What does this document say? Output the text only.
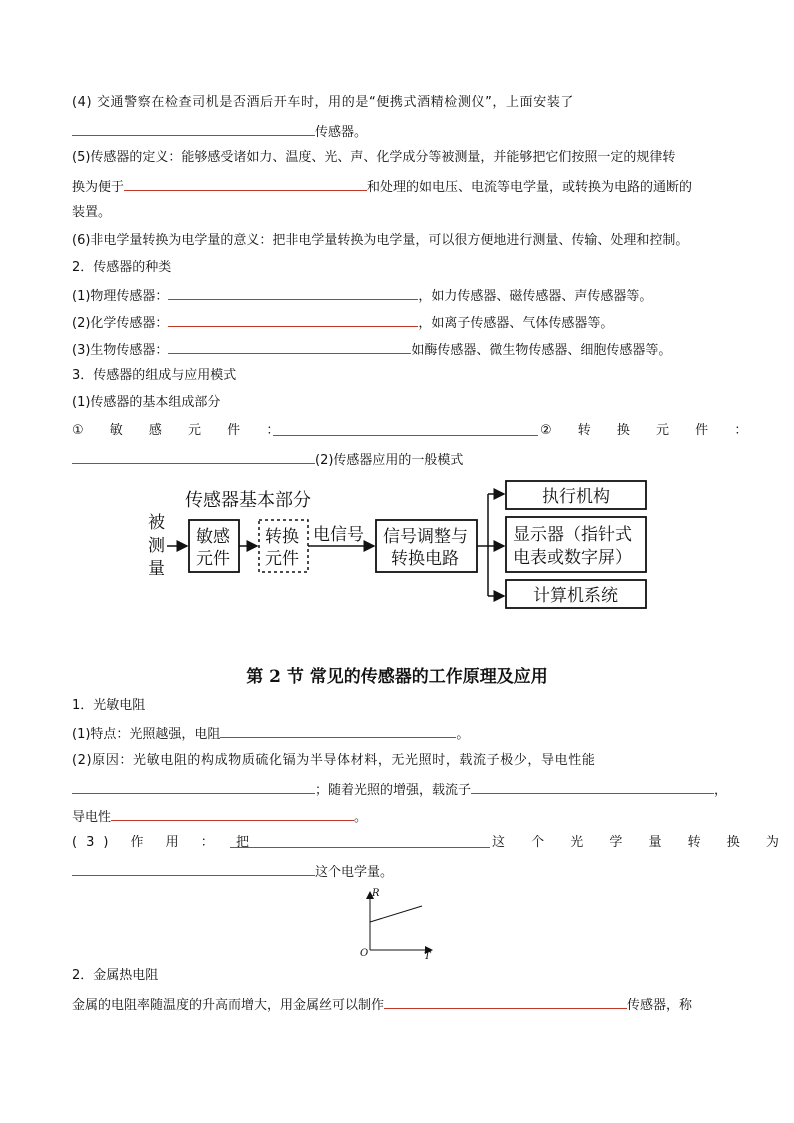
(4) 交通警察在检查司机是否酒后开车时，用的是“便携式酒精检测仪”，上面安装了
传感器。
(5)传感器的定义：能够感受诸如力、温度、光、声、化学成分等被测量，并能够把它们按照一定的规律转
换为便于	和处理的如电压、电流等电学量，或转换为电路的通断的
装置。
(6)非电学量转换为电学量的意义：把非电学量转换为电学量，可以很方便地进行测量、传输、处理和控制。
2．传感器的种类
(1)物理传感器：	，如力传感器、磁传感器、声传感器等。
(2)化学传感器：	，如离子传感器、气体传感器等。
(3)生物传感器：	如酶传感器、微生物传感器、细胞传感器等。
3．传感器的组成与应用模式
(1)传感器的基本组成部分
① 敏 感 元 件 ：	② 转 换 元 件 ：
(2)传感器应用的一般模式
传感器基本部分
被
测
量
敏感
元件
转换
元件
电信号 信号调整与
转换电路
执行机构
显示器（指针式
电表或数字屏）
计算机系统
R
T
O
第 2 节 常见的传感器的工作原理及应用
1．光敏电阻
(1)特点：光照越强，电阻	。
(2)原因：光敏电阻的构成物质硫化镉为半导体材料，无光照时，载流子极少，导电性能
；随着光照的增强，载流子	，
导电性	。
(3) 作 用 ： 把	这 个 光 学 量 转 换 为
这个电学量。
2．金属热电阻
金属的电阻率随温度的升高而增大，用金属丝可以制作	传感器，称
